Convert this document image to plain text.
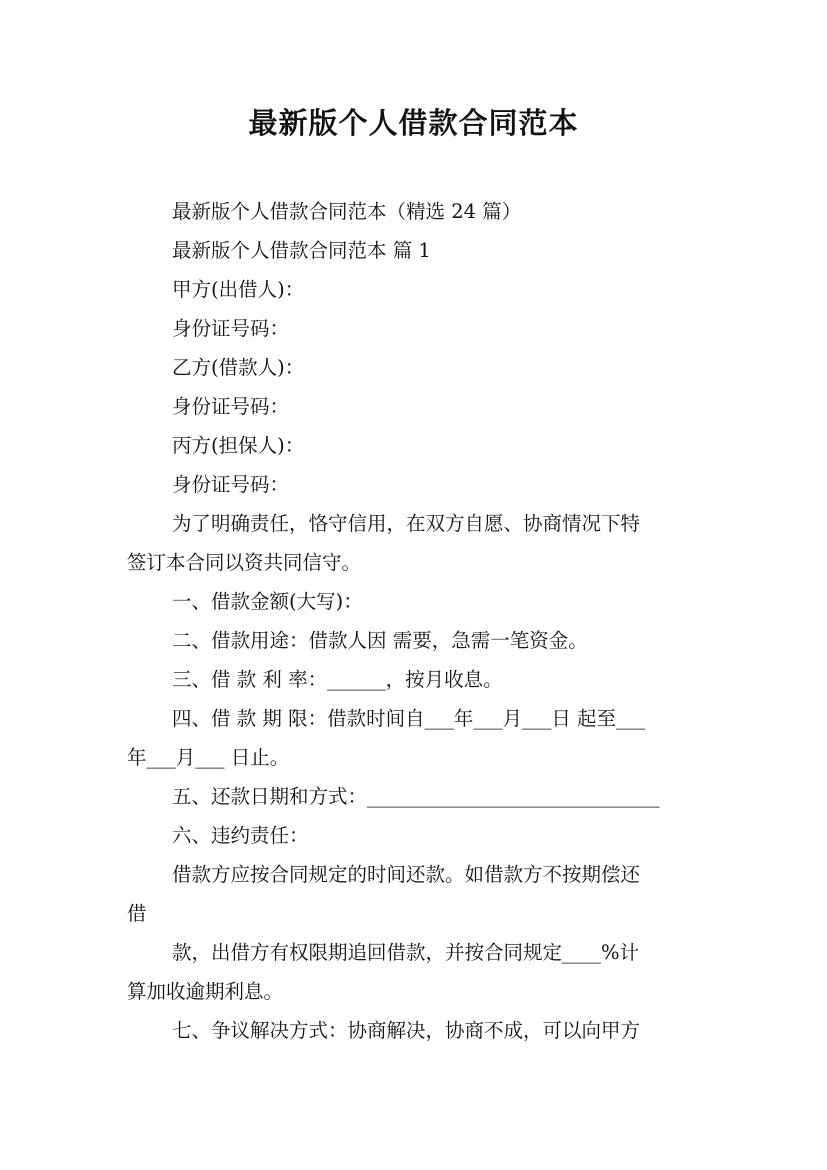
最新版个人借款合同范本
最新版个人借款合同范本（精选 24 篇）
最新版个人借款合同范本 篇 1
甲方(出借人)：
身份证号码：
乙方(借款人)：
身份证号码：
丙方(担保人)：
身份证号码：
为了明确责任，恪守信用，在双方自愿、协商情况下特
签订本合同以资共同信守。
一、借款金额(大写)：
二、借款用途：借款人因 需要，急需一笔资金。
三、借 款 利 率：______，按月收息。
四、借 款 期 限：借款时间自___年___月___日 起至___
年___月___ 日止。
五、还款日期和方式：______________________________
六、违约责任：
借款方应按合同规定的时间还款。如借款方不按期偿还
借
款，出借方有权限期追回借款，并按合同规定____%计
算加收逾期利息。
七、争议解决方式：协商解决，协商不成，可以向甲方
